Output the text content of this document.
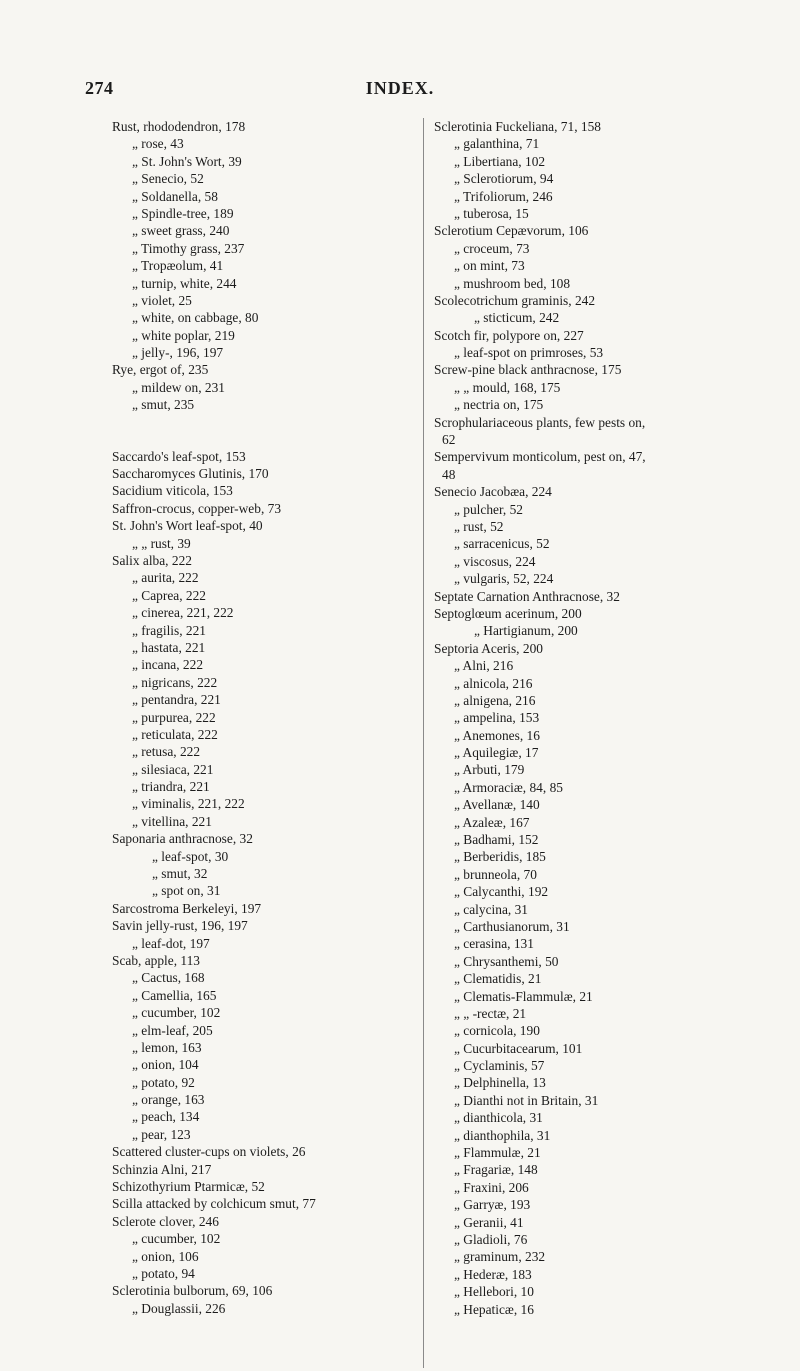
274	INDEX.
Rust, rhododendron, 178
„ rose, 43
„ St. John's Wort, 39
„ Senecio, 52
„ Soldanella, 58
„ Spindle-tree, 189
„ sweet grass, 240
„ Timothy grass, 237
„ Tropæolum, 41
„ turnip, white, 244
„ violet, 25
„ white, on cabbage, 80
„ white poplar, 219
„ jelly-, 196, 197
Rye, ergot of, 235
„ mildew on, 231
„ smut, 235
Saccardo's leaf-spot, 153
Saccharomyces Glutinis, 170
Sacidium viticola, 153
Saffron-crocus, copper-web, 73
St. John's Wort leaf-spot, 40
„ „ rust, 39
Salix alba, 222
„ aurita, 222
„ Caprea, 222
„ cinerea, 221, 222
„ fragilis, 221
„ hastata, 221
„ incana, 222
„ nigricans, 222
„ pentandra, 221
„ purpurea, 222
„ reticulata, 222
„ retusa, 222
„ silesiaca, 221
„ triandra, 221
„ viminalis, 221, 222
„ vitellina, 221
Saponaria anthracnose, 32
„ leaf-spot, 30
„ smut, 32
„ spot on, 31
Sarcostroma Berkeleyi, 197
Savin jelly-rust, 196, 197
„ leaf-dot, 197
Scab, apple, 113
„ Cactus, 168
„ Camellia, 165
„ cucumber, 102
„ elm-leaf, 205
„ lemon, 163
„ onion, 104
„ potato, 92
„ orange, 163
„ peach, 134
„ pear, 123
Scattered cluster-cups on violets, 26
Schinzia Alni, 217
Schizothyrium Ptarmicæ, 52
Scilla attacked by colchicum smut, 77
Sclerote clover, 246
„ cucumber, 102
„ onion, 106
„ potato, 94
Sclerotinia bulborum, 69, 106
„ Douglassii, 226
Sclerotinia Fuckeliana, 71, 158
„ galanthina, 71
„ Libertiana, 102
„ Sclerotiorum, 94
„ Trifoliorum, 246
„ tuberosa, 15
Sclerotium Cepævorum, 106
„ croceum, 73
„ on mint, 73
„ mushroom bed, 108
Scolecotrichum graminis, 242
„ sticticum, 242
Scotch fir, polypore on, 227
„ leaf-spot on primroses, 53
Screw-pine black anthracnose, 175
„ „ mould, 168, 175
„ nectria on, 175
Scrophulariaceous plants, few pests on,
62
Sempervivum monticolum, pest on, 47,
48
Senecio Jacobæa, 224
„ pulcher, 52
„ rust, 52
„ sarracenicus, 52
„ viscosus, 224
„ vulgaris, 52, 224
Septate Carnation Anthracnose, 32
Septoglœum acerinum, 200
„ Hartigianum, 200
Septoria Aceris, 200
„ Alni, 216
„ alnicola, 216
„ alnigena, 216
„ ampelina, 153
„ Anemones, 16
„ Aquilegiæ, 17
„ Arbuti, 179
„ Armoraciæ, 84, 85
„ Avellanæ, 140
„ Azaleæ, 167
„ Badhami, 152
„ Berberidis, 185
„ brunneola, 70
„ Calycanthi, 192
„ calycina, 31
„ Carthusianorum, 31
„ cerasina, 131
„ Chrysanthemi, 50
„ Clematidis, 21
„ Clematis-Flammulæ, 21
„ „ -rectæ, 21
„ cornicola, 190
„ Cucurbitacearum, 101
„ Cyclaminis, 57
„ Delphinella, 13
„ Dianthi not in Britain, 31
„ dianthicola, 31
„ dianthophila, 31
„ Flammulæ, 21
„ Fragariæ, 148
„ Fraxini, 206
„ Garryæ, 193
„ Geranii, 41
„ Gladioli, 76
„ graminum, 232
„ Hederæ, 183
„ Hellebori, 10
„ Hepaticæ, 16
